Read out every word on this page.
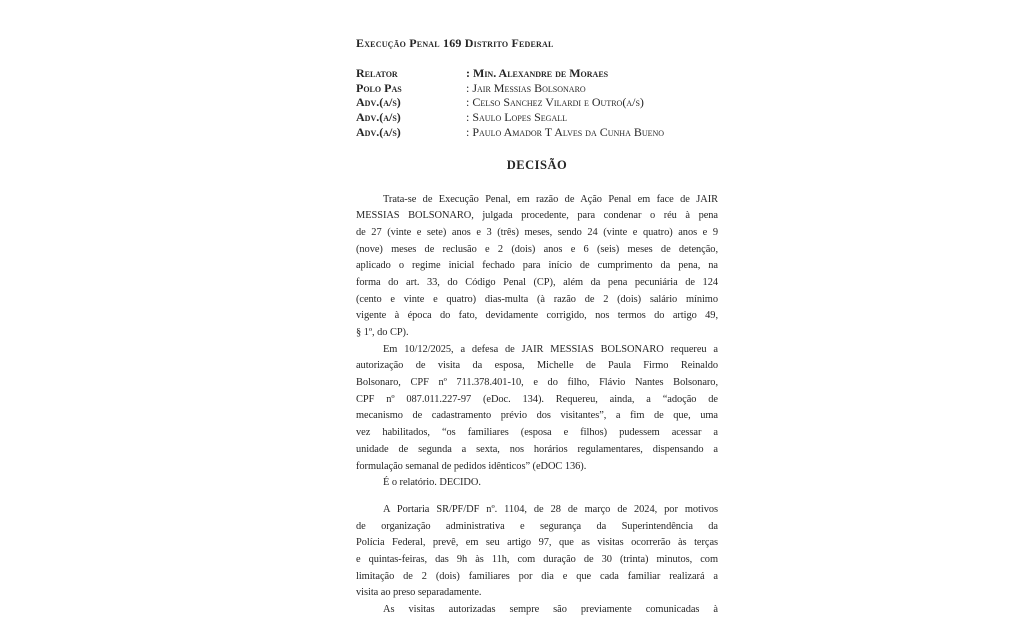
Execução Penal 169 Distrito Federal
Relator	: Min. Alexandre de Moraes
Polo Pas	: Jair Messias Bolsonaro
Adv.(a/s)	: Celso Sanchez Vilardi e Outro(a/s)
Adv.(a/s)	: Saulo Lopes Segall
Adv.(a/s)	: Paulo Amador T Alves da Cunha Bueno
DECISÃO
Trata-se de Execução Penal, em razão de Ação Penal em face de JAIR
MESSIAS BOLSONARO, julgada procedente, para condenar o réu à pena
de 27 (vinte e sete) anos e 3 (três) meses, sendo 24 (vinte e quatro) anos e 9
(nove) meses de reclusão e 2 (dois) anos e 6 (seis) meses de detenção,
aplicado o regime inicial fechado para início de cumprimento da pena, na
forma do art. 33, do Código Penal (CP), além da pena pecuniária de 124
(cento e vinte e quatro) dias-multa (à razão de 2 (dois) salário mínimo
vigente à época do fato, devidamente corrigido, nos termos do artigo 49,
§ 1º, do CP).
Em 10/12/2025, a defesa de JAIR MESSIAS BOLSONARO requereu a
autorização de visita da esposa, Michelle de Paula Firmo Reinaldo
Bolsonaro, CPF nº 711.378.401-10, e do filho, Flávio Nantes Bolsonaro,
CPF nº 087.011.227-97 (eDoc. 134). Requereu, ainda, a “adoção de
mecanismo de cadastramento prévio dos visitantes”, a fim de que, uma
vez habilitados, “os familiares (esposa e filhos) pudessem acessar a
unidade de segunda a sexta, nos horários regulamentares, dispensando a
formulação semanal de pedidos idênticos” (eDOC 136).
É o relatório. DECIDO.
A Portaria SR/PF/DF nº. 1104, de 28 de março de 2024, por motivos
de organização administrativa e segurança da Superintendência da
Polícia Federal, prevê, em seu artigo 97, que as visitas ocorrerão às terças
e quintas-feiras, das 9h às 11h, com duração de 30 (trinta) minutos, com
limitação de 2 (dois) familiares por dia e que cada familiar realizará a
visita ao preso separadamente.
As visitas autorizadas sempre são previamente comunicadas à
